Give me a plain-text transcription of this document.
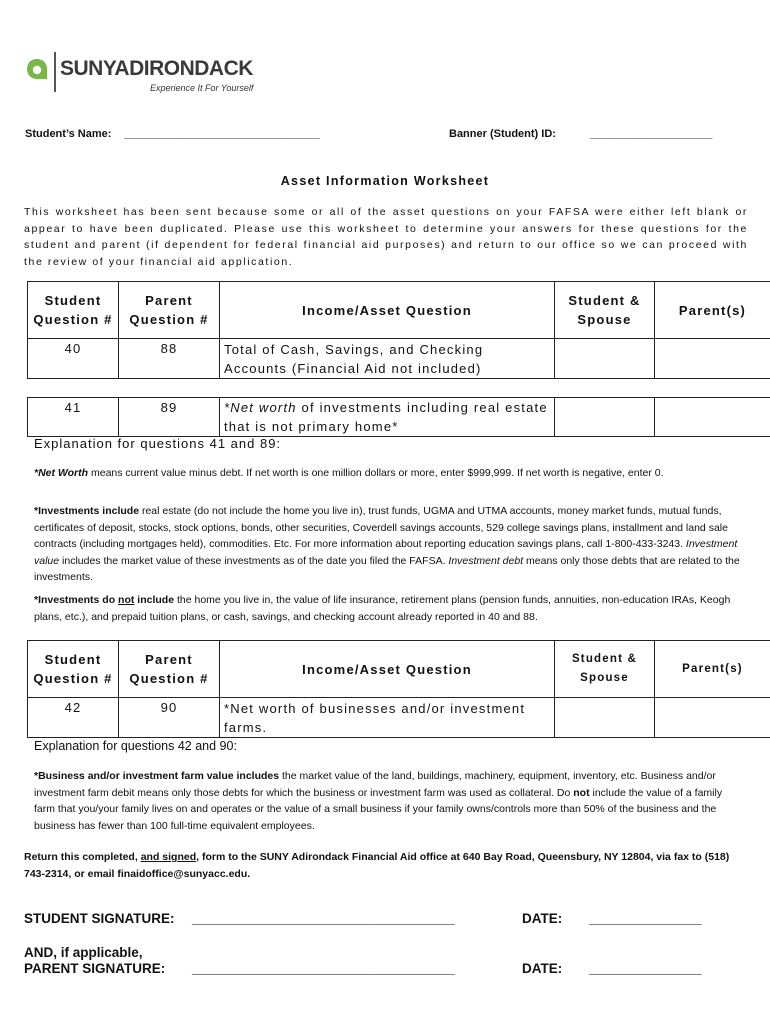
SUNYADIRONDACK
Experience It For Yourself
Student’s Name: ________________________________	Banner (Student) ID:	____________________
Asset Information Worksheet
This worksheet has been sent because some or all of the asset questions on your FAFSA were either left blank or appear to have been duplicated. Please use this worksheet to determine your answers for these questions for the student and parent (if dependent for federal financial aid purposes) and return to our office so we can proceed with the review of your financial aid application.
Student Question #	Parent Question #	Income/Asset Question	Student & Spouse	Parent(s)
40	88	Total of Cash, Savings, and Checking Accounts (Financial Aid not included)		
41	89	*Net worth of investments including real estate that is not primary home*		
Explanation for questions 41 and 89:
*Net Worth means current value minus debt. If net worth is one million dollars or more, enter $999,999. If net worth is negative, enter 0.
*Investments include real estate (do not include the home you live in), trust funds, UGMA and UTMA accounts, money market funds, mutual funds, certificates of deposit, stocks, stock options, bonds, other securities, Coverdell savings accounts, 529 college savings plans, installment and land sale contracts (including mortgages held), commodities. Etc. For more information about reporting education savings plans, call 1-800-433-3243. Investment value includes the market value of these investments as of the date you filed the FAFSA. Investment debt means only those debts that are related to the investments.
*Investments do not include the home you live in, the value of life insurance, retirement plans (pension funds, annuities, non-education IRAs, Keogh plans, etc.), and prepaid tuition plans, or cash, savings, and checking account already reported in 40 and 88.
Student Question #	Parent Question #	Income/Asset Question	Student & Spouse	Parent(s)
42	90	*Net worth of businesses and/or investment farms.		
Explanation for questions 42 and 90:
*Business and/or investment farm value includes the market value of the land, buildings, machinery, equipment, inventory, etc. Business and/or investment farm debit means only those debts for which the business or investment farm was used as collateral. Do not include the value of a family farm that you/your family lives on and operates or the value of a small business if your family owns/controls more than 50% of the business and the business has fewer than 100 full-time equivalent employees.
Return this completed, and signed, form to the SUNY Adirondack Financial Aid office at 640 Bay Road, Queensbury, NY 12804, via fax to (518) 743-2314, or email finaidoffice@sunyacc.edu.
STUDENT SIGNATURE: ___________________________________	DATE: _______________
AND, if applicable,
PARENT SIGNATURE: ___________________________________	DATE: _______________
